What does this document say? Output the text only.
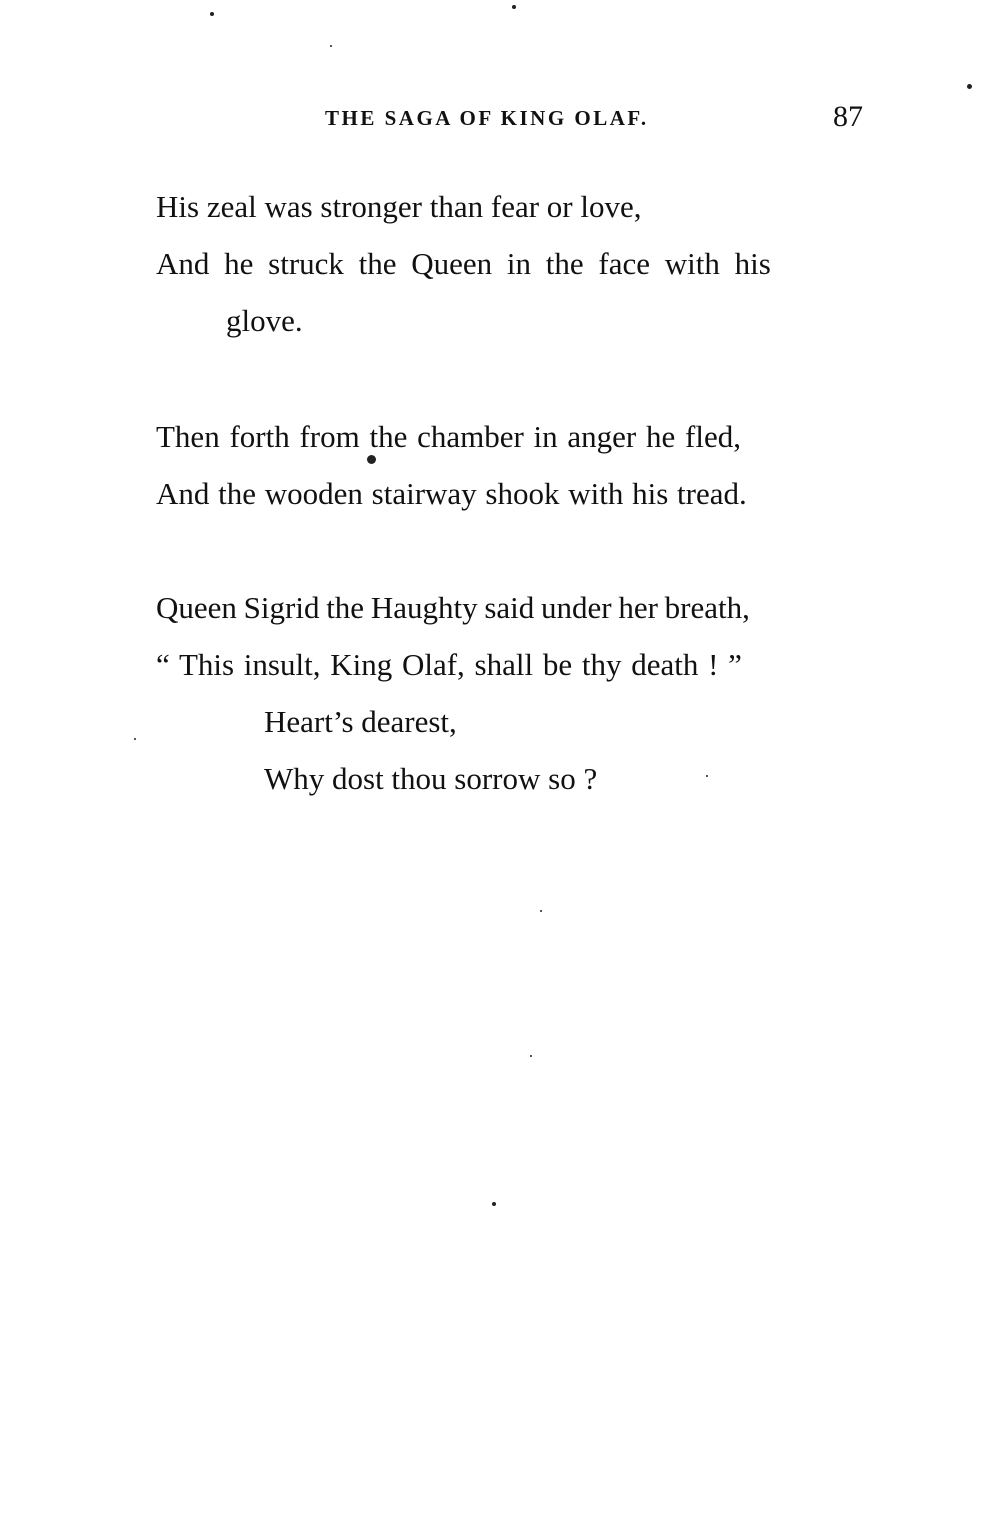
THE SAGA OF KING OLAF.	87
His zeal was stronger than fear or love,
And he struck the Queen in the face with his
glove.
Then forth from the chamber in anger he fled,
And the wooden stairway shook with his tread.
Queen Sigrid the Haughty said under her breath,
“ This insult, King Olaf, shall be thy death ! ”
Heart’s dearest,
Why dost thou sorrow so ?
